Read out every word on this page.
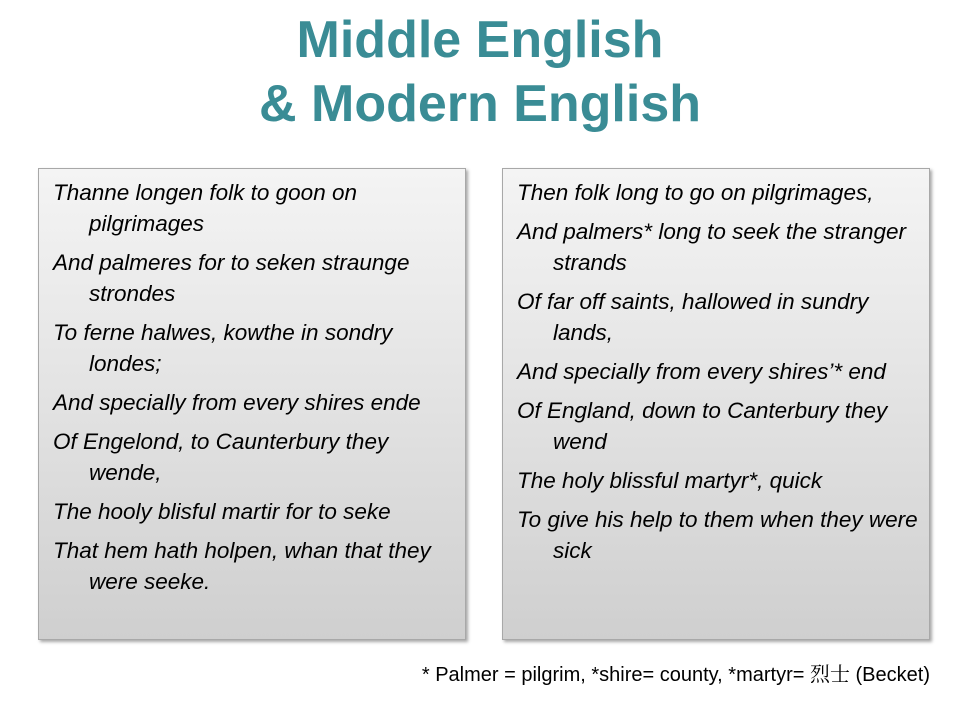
Middle English
& Modern English
Thanne longen folk to goon on pilgrimages
And palmeres for to seken straunge strondes
To ferne halwes, kowthe in sondry londes;
And specially from every shires ende
Of Engelond, to Caunterbury they wende,
The hooly blisful martir for to seke
That hem hath holpen, whan that they were seeke.
Then folk long to go on pilgrimages,
And palmers* long to seek the stranger strands
Of far off saints, hallowed in sundry lands,
And specially from every shires’* end
Of England, down to Canterbury they wend
The holy blissful martyr*, quick
To give his help to them when they were sick
* Palmer = pilgrim, *shire= county, *martyr= 烈士 (Becket)
